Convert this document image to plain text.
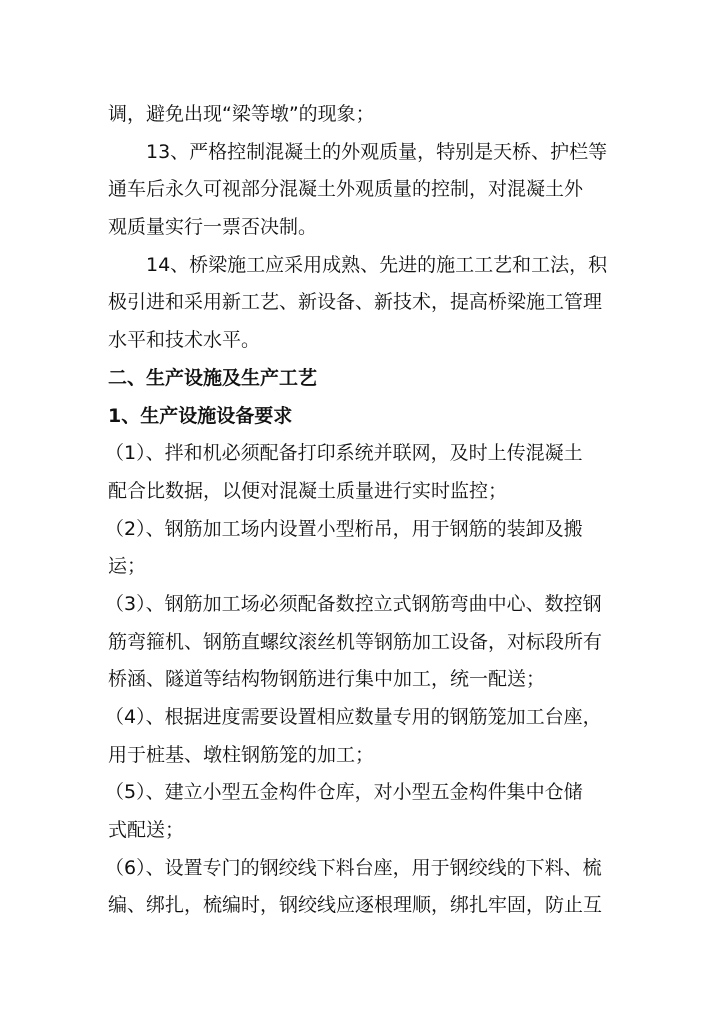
调，避免出现“梁等墩”的现象；
13、严格控制混凝土的外观质量，特别是天桥、护栏等
通车后永久可视部分混凝土外观质量的控制，对混凝土外
观质量实行一票否决制。
14、桥梁施工应采用成熟、先进的施工工艺和工法，积
极引进和采用新工艺、新设备、新技术，提高桥梁施工管理
水平和技术水平。
二、生产设施及生产工艺
1、生产设施设备要求
（1）、拌和机必须配备打印系统并联网，及时上传混凝土
配合比数据，以便对混凝土质量进行实时监控；
（2）、钢筋加工场内设置小型桁吊，用于钢筋的装卸及搬
运；
（3）、钢筋加工场必须配备数控立式钢筋弯曲中心、数控钢
筋弯箍机、钢筋直螺纹滚丝机等钢筋加工设备，对标段所有
桥涵、隧道等结构物钢筋进行集中加工，统一配送；
（4）、根据进度需要设置相应数量专用的钢筋笼加工台座，
用于桩基、墩柱钢筋笼的加工；
（5）、建立小型五金构件仓库，对小型五金构件集中仓储
式配送；
（6）、设置专门的钢绞线下料台座，用于钢绞线的下料、梳
编、绑扎，梳编时，钢绞线应逐根理顺，绑扎牢固，防止互
